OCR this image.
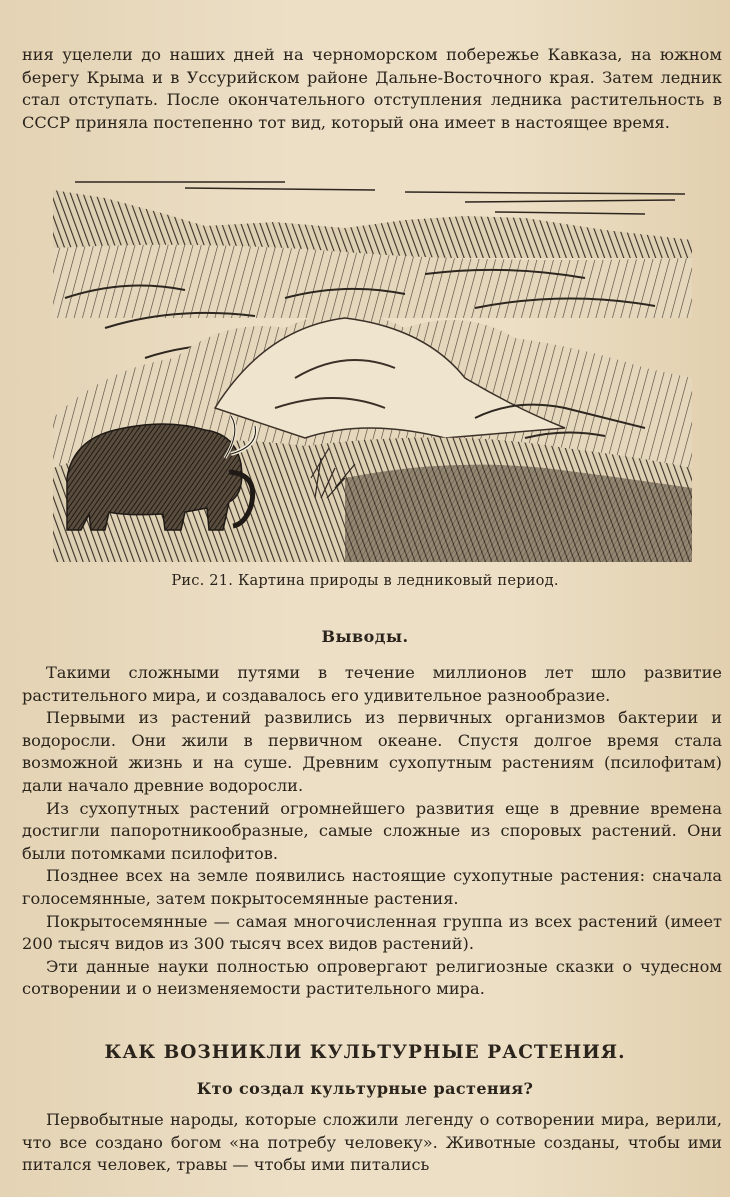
ния уцелели до наших дней на черноморском побережье Кавказа, на южном берегу Крыма и в Уссурийском районе Дальне-Восточного края. Затем ледник стал отступать. После окончательного отступления ледника растительность в СССР приняла постепенно тот вид, который она имеет в настоящее время.

Рис. 21. Картина природы в ледниковый период.
Выводы.

Такими сложными путями в течение миллионов лет шло развитие растительного мира, и создавалось его удивительное разнообразие.

Первыми из растений развились из первичных организмов бактерии и водоросли. Они жили в первичном океане. Спустя долгое время стала возможной жизнь и на суше. Древним сухопутным растениям (псилофитам) дали начало древние водоросли.

Из сухопутных растений огромнейшего развития еще в древние времена достигли папоротникообразные, самые сложные из споровых растений. Они были потомками псилофитов.

Позднее всех на земле появились настоящие сухопутные растения: сначала голосемянные, затем покрытосемянные растения.

Покрытосемянные — самая многочисленная группа из всех растений (имеет 200 тысяч видов из 300 тысяч всех видов растений).

Эти данные науки полностью опровергают религиозные сказки о чудесном сотворении и о неизменяемости растительного мира.

КАК ВОЗНИКЛИ КУЛЬТУРНЫЕ РАСТЕНИЯ.
Кто создал культурные растения?

Первобытные народы, которые сложили легенду о сотворении мира, верили, что все создано богом «на потребу человеку». Животные созданы, чтобы ими питался человек, травы — чтобы ими питались
